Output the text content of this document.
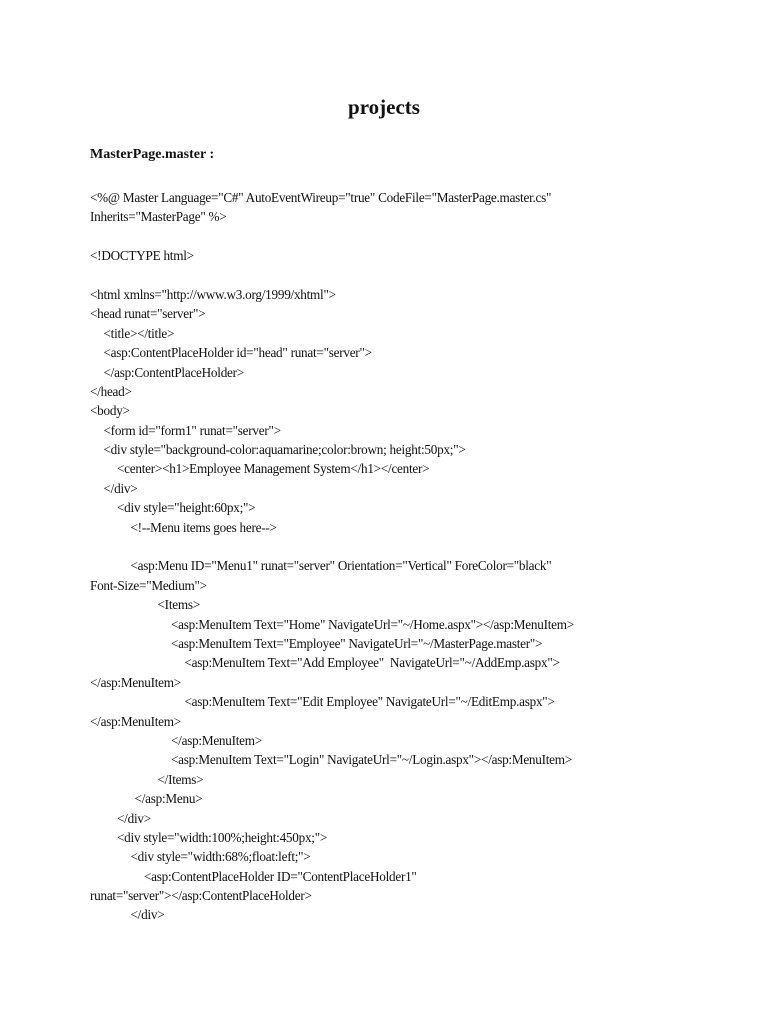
projects
MasterPage.master :
<%@ Master Language="C#" AutoEventWireup="true" CodeFile="MasterPage.master.cs"
Inherits="MasterPage" %>
<!DOCTYPE html>
<html xmlns="http://www.w3.org/1999/xhtml">
<head runat="server">
<title></title>
<asp:ContentPlaceHolder id="head" runat="server">
</asp:ContentPlaceHolder>
</head>
<body>
<form id="form1" runat="server">
<div style="background-color:aquamarine;color:brown; height:50px;">
<center><h1>Employee Management System</h1></center>
</div>
<div style="height:60px;">
<!--Menu items goes here-->
<asp:Menu ID="Menu1" runat="server" Orientation="Vertical" ForeColor="black"
Font-Size="Medium">
<Items>
<asp:MenuItem Text="Home" NavigateUrl="~/Home.aspx"></asp:MenuItem>
<asp:MenuItem Text="Employee" NavigateUrl="~/MasterPage.master">
<asp:MenuItem Text="Add Employee"  NavigateUrl="~/AddEmp.aspx">
</asp:MenuItem>
<asp:MenuItem Text="Edit Employee" NavigateUrl="~/EditEmp.aspx">
</asp:MenuItem>
</asp:MenuItem>
<asp:MenuItem Text="Login" NavigateUrl="~/Login.aspx"></asp:MenuItem>
</Items>
</asp:Menu>
</div>
<div style="width:100%;height:450px;">
<div style="width:68%;float:left;">
<asp:ContentPlaceHolder ID="ContentPlaceHolder1"
runat="server"></asp:ContentPlaceHolder>
</div>
